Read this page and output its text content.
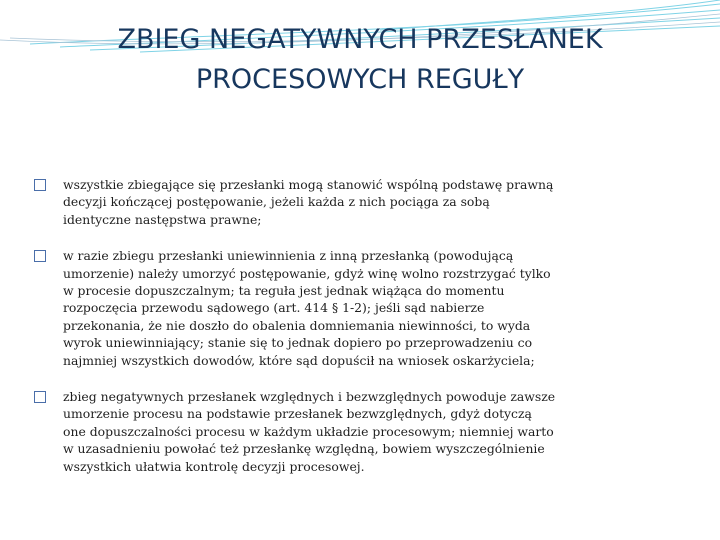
ZBIEG NEGATYWNYCH PRZESŁANEK
PROCESOWYCH REGUŁY
wszystkie zbiegające się przesłanki mogą stanowić wspólną podstawę prawną
decyzji kończącej postępowanie, jeżeli każda z nich pociąga za sobą
identyczne następstwa prawne;
w razie zbiegu przesłanki uniewinnienia z inną przesłanką (powodującą
umorzenie) należy umorzyć postępowanie, gdyż winę wolno rozstrzygać tylko
w procesie dopuszczalnym; ta reguła jest jednak wiążąca do momentu
rozpoczęcia przewodu sądowego (art. 414 § 1-2); jeśli sąd nabierze
przekonania, że nie doszło do obalenia domniemania niewinności, to wyda
wyrok uniewinniający; stanie się to jednak dopiero po przeprowadzeniu co
najmniej wszystkich dowodów, które sąd dopuścił na wniosek oskarżyciela;
zbieg negatywnych przesłanek względnych i bezwzględnych powoduje zawsze
umorzenie procesu na podstawie przesłanek bezwzględnych, gdyż dotyczą
one dopuszczalności procesu w każdym układzie procesowym; niemniej warto
w uzasadnieniu powołać też przesłankę względną, bowiem wyszczególnienie
wszystkich ułatwia kontrolę decyzji procesowej.
